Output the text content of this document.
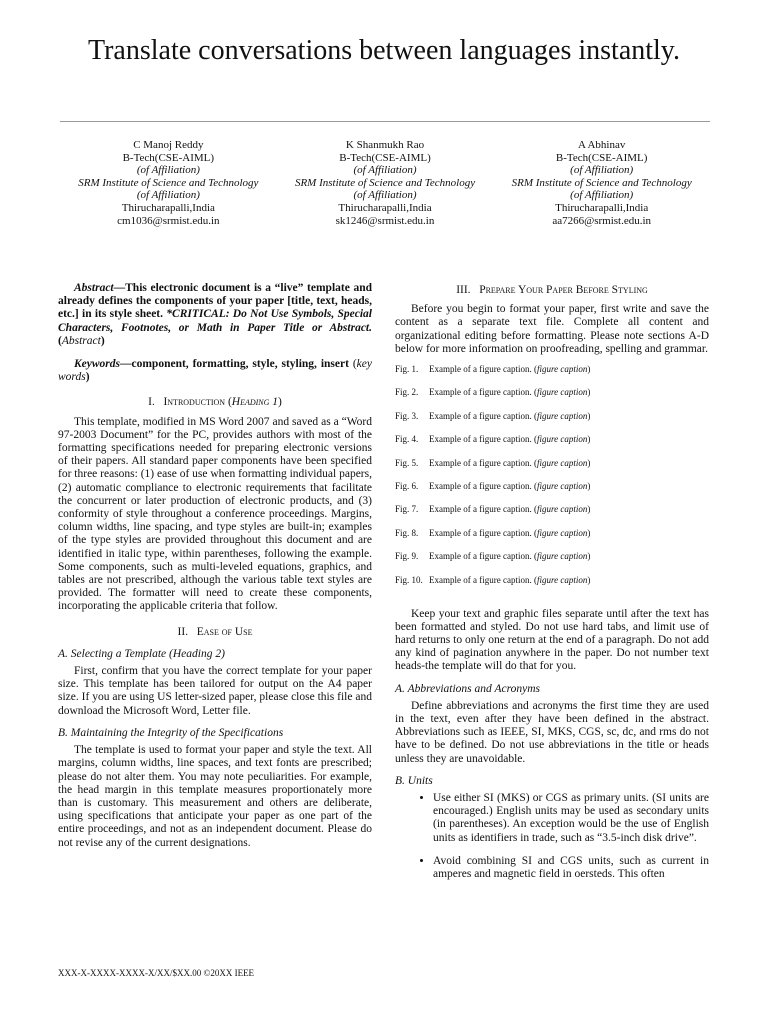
Translate conversations between languages instantly.
C Manoj Reddy
B-Tech(CSE-AIML)
(of Affiliation)
SRM Institute of Science and Technology
(of Affiliation)
Thirucharapalli,India
cm1036@srmist.edu.in
K Shanmukh Rao
B-Tech(CSE-AIML)
(of Affiliation)
SRM Institute of Science and Technology
(of Affiliation)
Thirucharapalli,India
sk1246@srmist.edu.in
A Abhinav
B-Tech(CSE-AIML)
(of Affiliation)
SRM Institute of Science and Technology
(of Affiliation)
Thirucharapalli,India
aa7266@srmist.edu.in

Abstract—This electronic document is a “live” template and already defines the components of your paper [title, text, heads, etc.] in its style sheet. *CRITICAL: Do Not Use Symbols, Special Characters, Footnotes, or Math in Paper Title or Abstract. (Abstract)

Keywords—component, formatting, style, styling, insert (key words)

I. Introduction (Heading 1)

This template, modified in MS Word 2007 and saved as a “Word 97-2003 Document” for the PC, provides authors with most of the formatting specifications needed for preparing electronic versions of their papers. All standard paper components have been specified for three reasons: (1) ease of use when formatting individual papers, (2) automatic compliance to electronic requirements that facilitate the concurrent or later production of electronic products, and (3) conformity of style throughout a conference proceedings. Margins, column widths, line spacing, and type styles are built-in; examples of the type styles are provided throughout this document and are identified in italic type, within parentheses, following the example. Some components, such as multi-leveled equations, graphics, and tables are not prescribed, although the various table text styles are provided. The formatter will need to create these components, incorporating the applicable criteria that follow.

II. Ease of Use
A. Selecting a Template (Heading 2)

First, confirm that you have the correct template for your paper size. This template has been tailored for output on the A4 paper size. If you are using US letter-sized paper, please close this file and download the Microsoft Word, Letter file.

B. Maintaining the Integrity of the Specifications

The template is used to format your paper and style the text. All margins, column widths, line spaces, and text fonts are prescribed; please do not alter them. You may note peculiarities. For example, the head margin in this template measures proportionately more than is customary. This measurement and others are deliberate, using specifications that anticipate your paper as one part of the entire proceedings, and not as an independent document. Please do not revise any of the current designations.

III. Prepare Your Paper Before Styling

Before you begin to format your paper, first write and save the content as a separate text file. Complete all content and organizational editing before formatting. Please note sections A-D below for more information on proofreading, spelling and grammar.

Fig. 1. Example of a figure caption. (figure caption)
Fig. 2. Example of a figure caption. (figure caption)
Fig. 3. Example of a figure caption. (figure caption)
Fig. 4. Example of a figure caption. (figure caption)
Fig. 5. Example of a figure caption. (figure caption)
Fig. 6. Example of a figure caption. (figure caption)
Fig. 7. Example of a figure caption. (figure caption)
Fig. 8. Example of a figure caption. (figure caption)
Fig. 9. Example of a figure caption. (figure caption)
Fig. 10. Example of a figure caption. (figure caption)

Keep your text and graphic files separate until after the text has been formatted and styled. Do not use hard tabs, and limit use of hard returns to only one return at the end of a paragraph. Do not add any kind of pagination anywhere in the paper. Do not number text heads-the template will do that for you.

A. Abbreviations and Acronyms

Define abbreviations and acronyms the first time they are used in the text, even after they have been defined in the abstract. Abbreviations such as IEEE, SI, MKS, CGS, sc, dc, and rms do not have to be defined. Do not use abbreviations in the title or heads unless they are unavoidable.

B. Units
• Use either SI (MKS) or CGS as primary units. (SI units are encouraged.) English units may be used as secondary units (in parentheses). An exception would be the use of English units as identifiers in trade, such as “3.5-inch disk drive”.
• Avoid combining SI and CGS units, such as current in amperes and magnetic field in oersteds. This often
XXX-X-XXXX-XXXX-X/XX/$XX.00 ©20XX IEEE
